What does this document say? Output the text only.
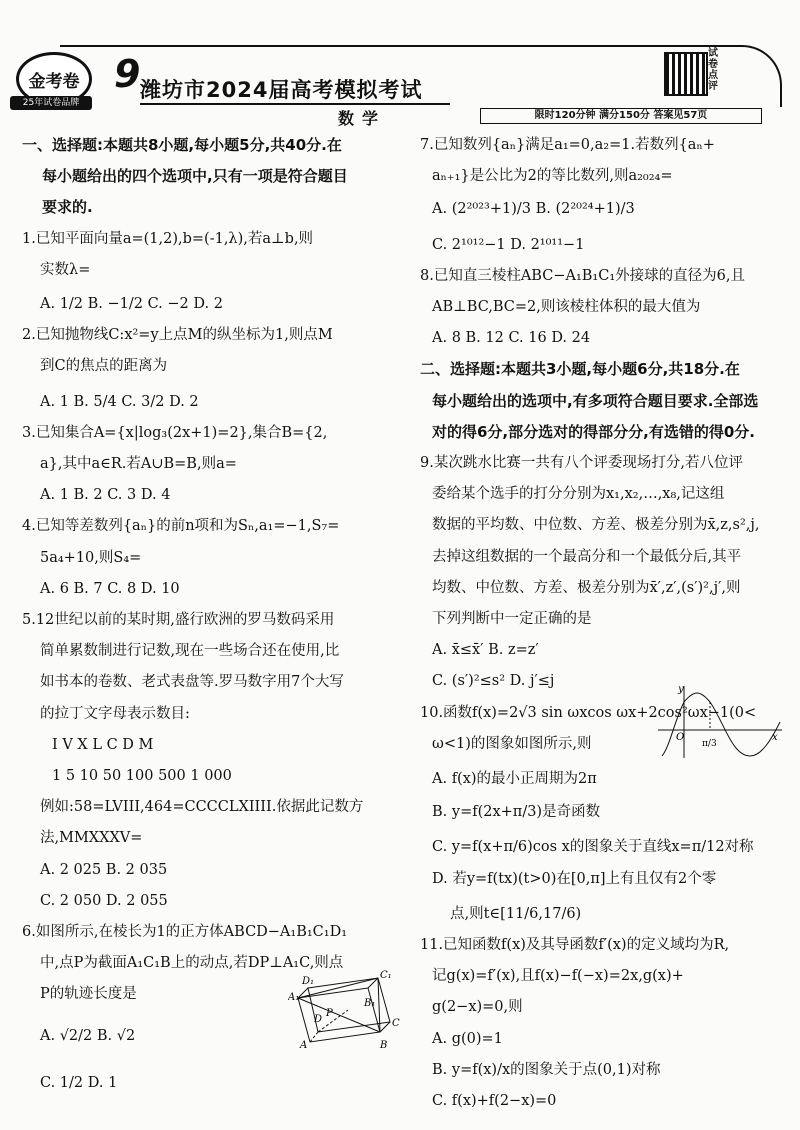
金考卷
25年试卷品牌
9 潍坊市2024届高考模拟考试
数学	限时120分钟 满分150分 答案见57页
试卷点评
一、选择题:本题共8小题,每小题5分,共40分.在
每小题给出的四个选项中,只有一项是符合题目
要求的.
1.已知平面向量a=(1,2),b=(-1,λ),若a⊥b,则
实数λ=
A. 1/2 B. −1/2 C. −2 D. 2
2.已知抛物线C:x²=y上点M的纵坐标为1,则点M
到C的焦点的距离为
A. 1 B. 5/4 C. 3/2 D. 2
3.已知集合A={x|log₃(2x+1)=2},集合B={2,
a},其中a∈R.若A∪B=B,则a=
A. 1 B. 2 C. 3 D. 4
4.已知等差数列{aₙ}的前n项和为Sₙ,a₁=−1,S₇=
5a₄+10,则S₄=
A. 6 B. 7 C. 8 D. 10
5.12世纪以前的某时期,盛行欧洲的罗马数码采用
简单累数制进行记数,现在一些场合还在使用,比
如书本的卷数、老式表盘等.罗马数字用7个大写
的拉丁文字母表示数目:
I V X L C D M
1 5 10 50 100 500 1 000
例如:58=LVIII,464=CCCCLXIIII.依据此记数方
法,MMXXXV=
A. 2 025 B. 2 035
C. 2 050 D. 2 055
6.如图所示,在棱长为1的正方体ABCD−A₁B₁C₁D₁
中,点P为截面A₁C₁B上的动点,若DP⊥A₁C,则点
P的轨迹长度是
A. √2/2 B. √2
C. 1/2 D. 1
7.已知数列{aₙ}满足a₁=0,a₂=1.若数列{aₙ+
aₙ₊₁}是公比为2的等比数列,则a₂₀₂₄=
A. (2²⁰²³+1)/3 B. (2²⁰²⁴+1)/3
C. 2¹⁰¹²−1 D. 2¹⁰¹¹−1
8.已知直三棱柱ABC−A₁B₁C₁外接球的直径为6,且
AB⊥BC,BC=2,则该棱柱体积的最大值为
A. 8 B. 12 C. 16 D. 24
二、选择题:本题共3小题,每小题6分,共18分.在
每小题给出的选项中,有多项符合题目要求.全部选
对的得6分,部分选对的得部分分,有选错的得0分.
9.某次跳水比赛一共有八个评委现场打分,若八位评
委给某个选手的打分分别为x₁,x₂,…,x₈,记这组
数据的平均数、中位数、方差、极差分别为x̄,z,s²,j,
去掉这组数据的一个最高分和一个最低分后,其平
均数、中位数、方差、极差分别为x̄′,z′,(s′)²,j′,则
下列判断中一定正确的是
A. x̄≤x̄′ B. z=z′
C. (s′)²≤s² D. j′≤j
10.函数f(x)=2√3 sin ωxcos ωx+2cos²ωx−1(0<
ω<1)的图象如图所示,则
A. f(x)的最小正周期为2π
B. y=f(2x+π/3)是奇函数
C. y=f(x+π/6)cos x的图象关于直线x=π/12对称
D. 若y=f(tx)(t>0)在[0,π]上有且仅有2个零
点,则t∈[11/6,17/6)
11.已知函数f(x)及其导函数f′(x)的定义域均为R,
记g(x)=f′(x),且f(x)−f(−x)=2x,g(x)+
g(2−x)=0,则
A. g(0)=1
B. y=f(x)/x的图象关于点(0,1)对称
C. f(x)+f(2−x)=0
D₁
C₁
A₁
B₁
D	C
A	B
P
y
O
π/3
x
